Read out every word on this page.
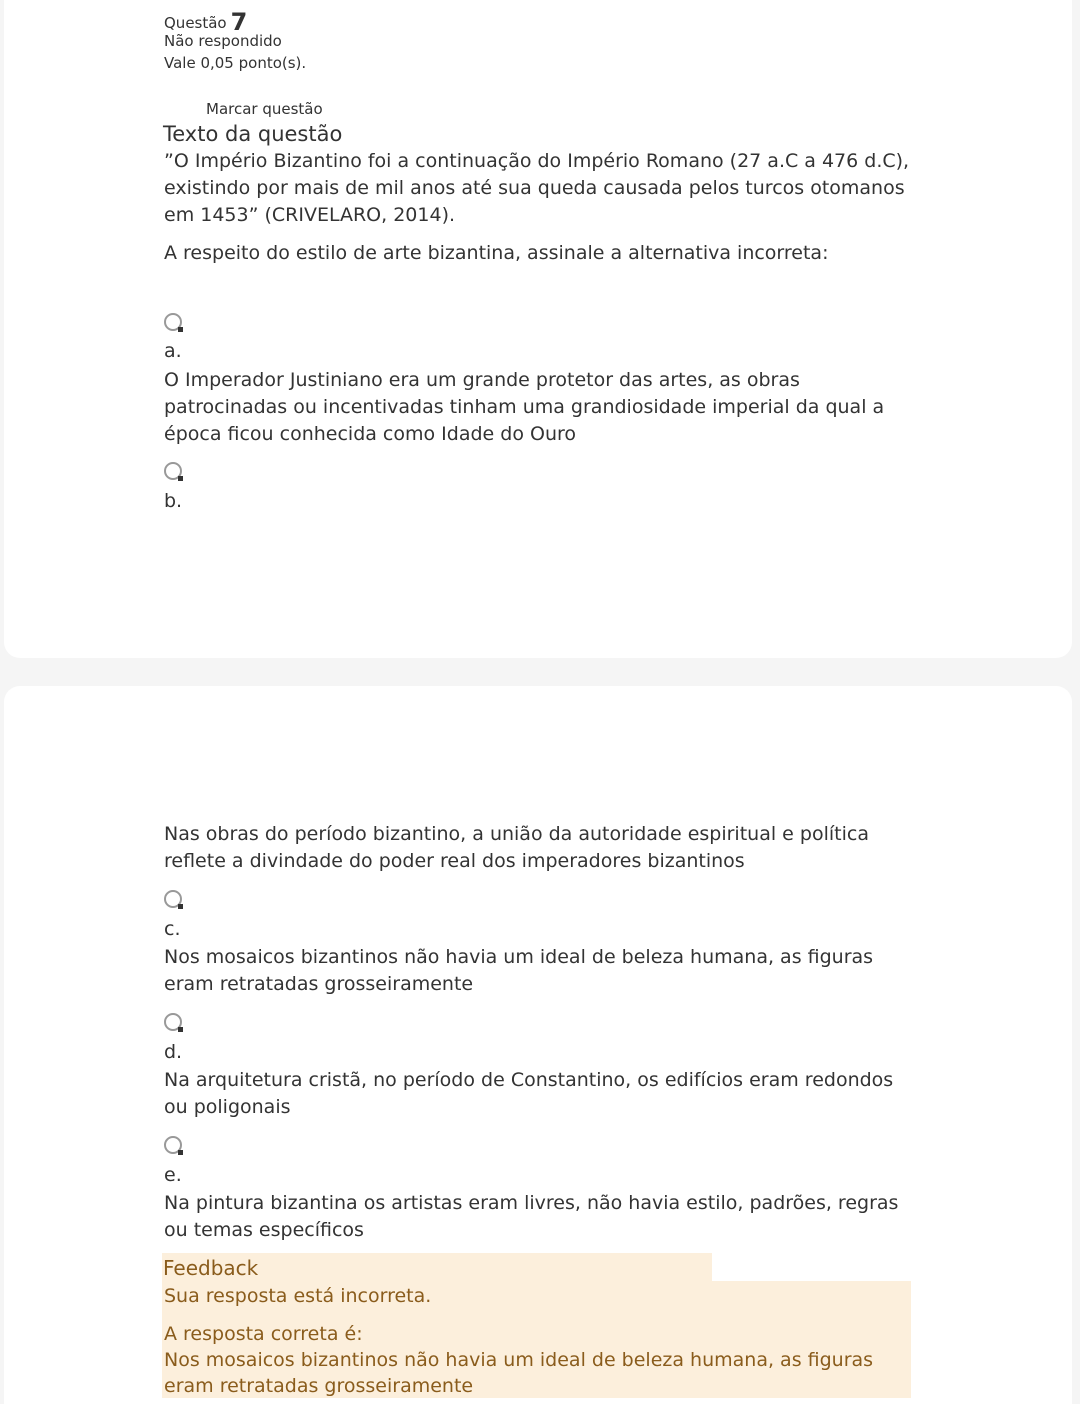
Questão 7
Não respondido
Vale 0,05 ponto(s).
Marcar questão
Texto da questão
”O Império Bizantino foi a continuação do Império Romano (27 a.C a 476 d.C), existindo por mais de mil anos até sua queda causada pelos turcos otomanos em 1453” (CRIVELARO, 2014).
A respeito do estilo de arte bizantina, assinale a alternativa incorreta:
a.
O Imperador Justiniano era um grande protetor das artes, as obras patrocinadas ou incentivadas tinham uma grandiosidade imperial da qual a época ficou conhecida como Idade do Ouro
b.
Nas obras do período bizantino, a união da autoridade espiritual e política reflete a divindade do poder real dos imperadores bizantinos
c.
Nos mosaicos bizantinos não havia um ideal de beleza humana, as figuras eram retratadas grosseiramente
d.
Na arquitetura cristã, no período de Constantino, os edifícios eram redondos ou poligonais
e.
Na pintura bizantina os artistas eram livres, não havia estilo, padrões, regras ou temas específicos
Feedback
Sua resposta está incorreta.
A resposta correta é:
Nos mosaicos bizantinos não havia um ideal de beleza humana, as figuras eram retratadas grosseiramente
